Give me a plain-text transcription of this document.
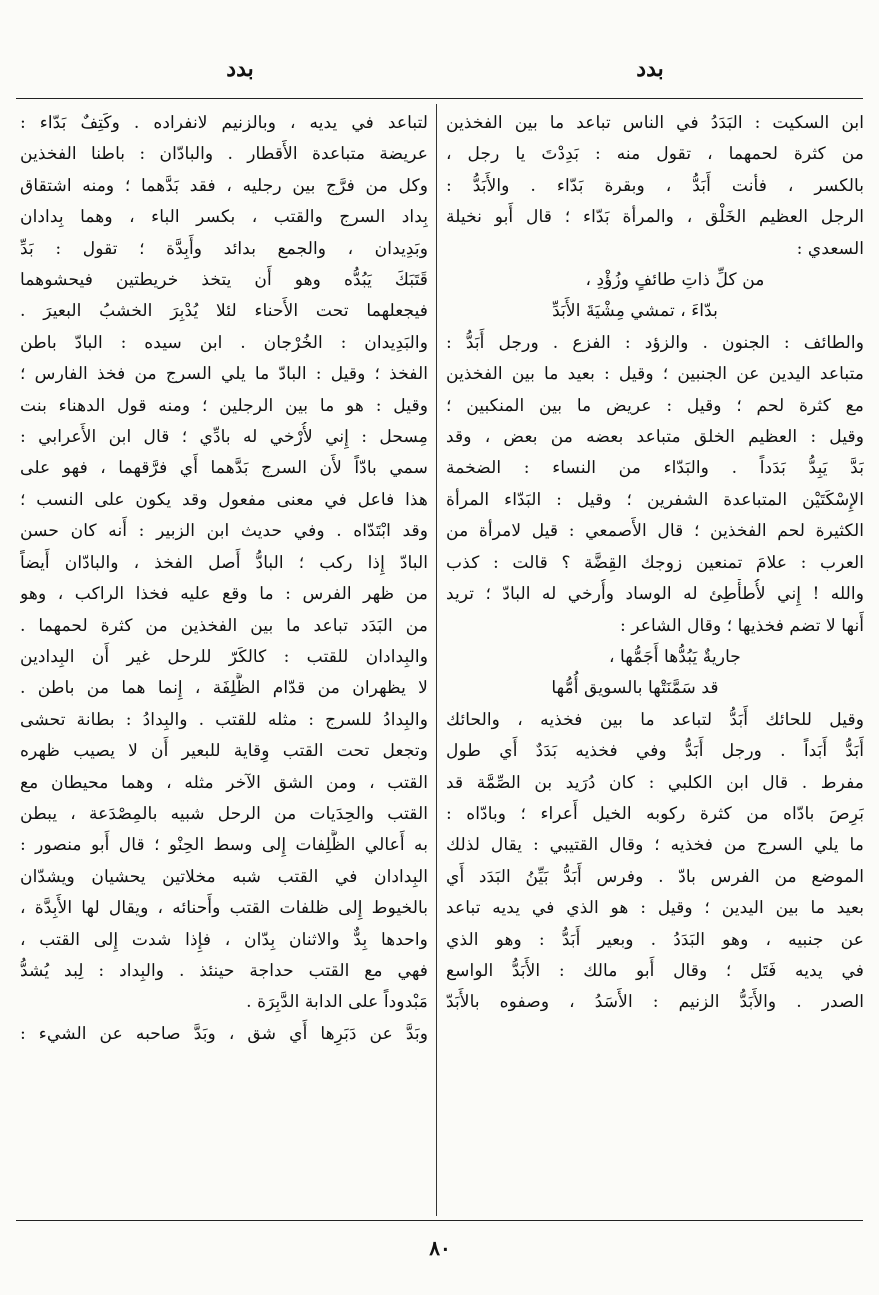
بدد
بدد
ابن السكيت : البَدَدُ في الناس تباعد ما بين الفخذين
من كثرة لحمهما ، تقول منه : بَدِدْتَ يا رجل ،
بالكسر ، فأنت أَبَدُّ ، وبقرة بَدّاء . والأَبَدُّ :
الرجل العظيم الخَلْق ، والمرأة بَدّاء ؛ قال أَبو نخيلة
السعدي :
من كلِّ ذاتِ طائفٍ وزُؤْدِ ،
بدّاءَ ، تمشي مِشْيَةَ الأَبَدِّ
والطائف : الجنون . والزؤد : الفزع . ورجل أَبَدُّ :
متباعد اليدين عن الجنبين ؛ وقيل : بعيد ما بين الفخذين
مع كثرة لحم ؛ وقيل : عريض ما بين المنكبين ؛
وقيل : العظيم الخلق متباعد بعضه من بعض ، وقد
بَدَّ يَبِدُّ بَدَداً . والبَدّاء من النساء : الضخمة
الإِسْكَتَيْن المتباعدة الشفرين ؛ وقيل : البَدّاء المرأة
الكثيرة لحم الفخذين ؛ قال الأَصمعي : قيل لامرأة من
العرب : علامَ تمنعين زوجك القِضَّة ؟ قالت : كذب
والله ! إِني لأُطأْطِئ له الوساد وأُرخي له البادّ ؛ تريد
أَنها لا تضم فخذيها ؛ وقال الشاعر :
جاريةٌ يَبُدُّها أَجَمُّها ،
قد سَمَّنَتْها بالسويق أُمُّها
وقيل للحائك أَبَدُّ لتباعد ما بين فخذيه ، والحائك
أَبَدُّ أَبَداً . ورجل أَبَدُّ وفي فخذيه بَدَدٌ أَي طول
مفرط . قال ابن الكلبي : كان دُرَيد بن الصِّمَّة قد
بَرِصَ بادّاه من كثرة ركوبه الخيل أَعراء ؛ وبادّاه :
ما يلي السرج من فخذيه ؛ وقال القتيبي : يقال لذلك
الموضع من الفرس بادّ . وفرس أَبَدُّ بَيِّنُ البَدَد أَي
بعيد ما بين اليدين ؛ وقيل : هو الذي في يديه تباعد
عن جنبيه ، وهو البَدَدُ . وبعير أَبَدُّ : وهو الذي
في يديه فَتَل ؛ وقال أَبو مالك : الأَبَدُّ الواسع
الصدر . والأَبَدُّ الزنيم : الأَسَدُ ، وصفوه بالأَبَدّ
لتباعد في يديه ، وبالزنيم لانفراده . وكَتِفٌ بَدّاء :
عريضة متباعدة الأَقطار . والبادّان : باطنا الفخذين
وكل من فرَّج بين رجليه ، فقد بَدَّهما ؛ ومنه اشتقاق
بِداد السرج والقتب ، بكسر الباء ، وهما بِدادان
وبَدِيدان ، والجمع بدائد وأَبِدَّة ؛ تقول : بَدِّ
قَتَبَكَ يَبُدُّه وهو أَن يتخذ خريطتين فيحشوهما
فيجعلهما تحت الأَحناء لئلا يُدْبِرَ الخشبُ البعيرَ .
والبَدِيدان : الخُرْجان . ابن سيده : البادّ باطن
الفخذ ؛ وقيل : البادّ ما يلي السرج من فخذ الفارس ؛
وقيل : هو ما بين الرجلين ؛ ومنه قول الدهناء بنت
مِسحل : إِني لأُرْخي له بادِّي ؛ قال ابن الأَعرابي :
سمي بادّاً لأَن السرج بَدَّهما أَي فرَّقهما ، فهو على
هذا فاعل في معنى مفعول وقد يكون على النسب ؛
وقد ابْتَدّاه . وفي حديث ابن الزبير : أَنه كان حسن
البادّ إِذا ركب ؛ البادُّ أَصل الفخذ ، والبادّان أَيضاً
من ظهر الفرس : ما وقع عليه فخذا الراكب ، وهو
من البَدَد تباعد ما بين الفخذين من كثرة لحمهما .
والبِدادان للقتب : كالكَرّ للرحل غير أَن البِدادين
لا يظهران من قدّام الظَّلِفَة ، إِنما هما من باطن .
والبِدادُ للسرج : مثله للقتب . والبِدادُ : بطانة تحشى
وتجعل تحت القتب وِقاية للبعير أَن لا يصيب ظهره
القتب ، ومن الشق الآخر مثله ، وهما محيطان مع
القتب والحِدَيات من الرحل شبيه بالمِصْدَعة ، يبطن
به أَعالي الظَّلِفات إِلى وسط الحِنْو ؛ قال أَبو منصور :
البِدادان في القتب شبه مخلاتين يحشيان ويشدّان
بالخيوط إِلى ظلفات القتب وأَحنائه ، ويقال لها الأَبِدَّة ،
واحدها بِدٌّ والاثنان بِدّان ، فإِذا شدت إِلى القتب ،
فهي مع القتب حداجة حينئذ . والبِداد : لِبد يُشدُّ
مَبْدوداً على الدابة الدَّبِرَة .
وبَدَّ عن دَبَرِها أَي شق ، وبَدَّ صاحبه عن الشيء :
٨٠
